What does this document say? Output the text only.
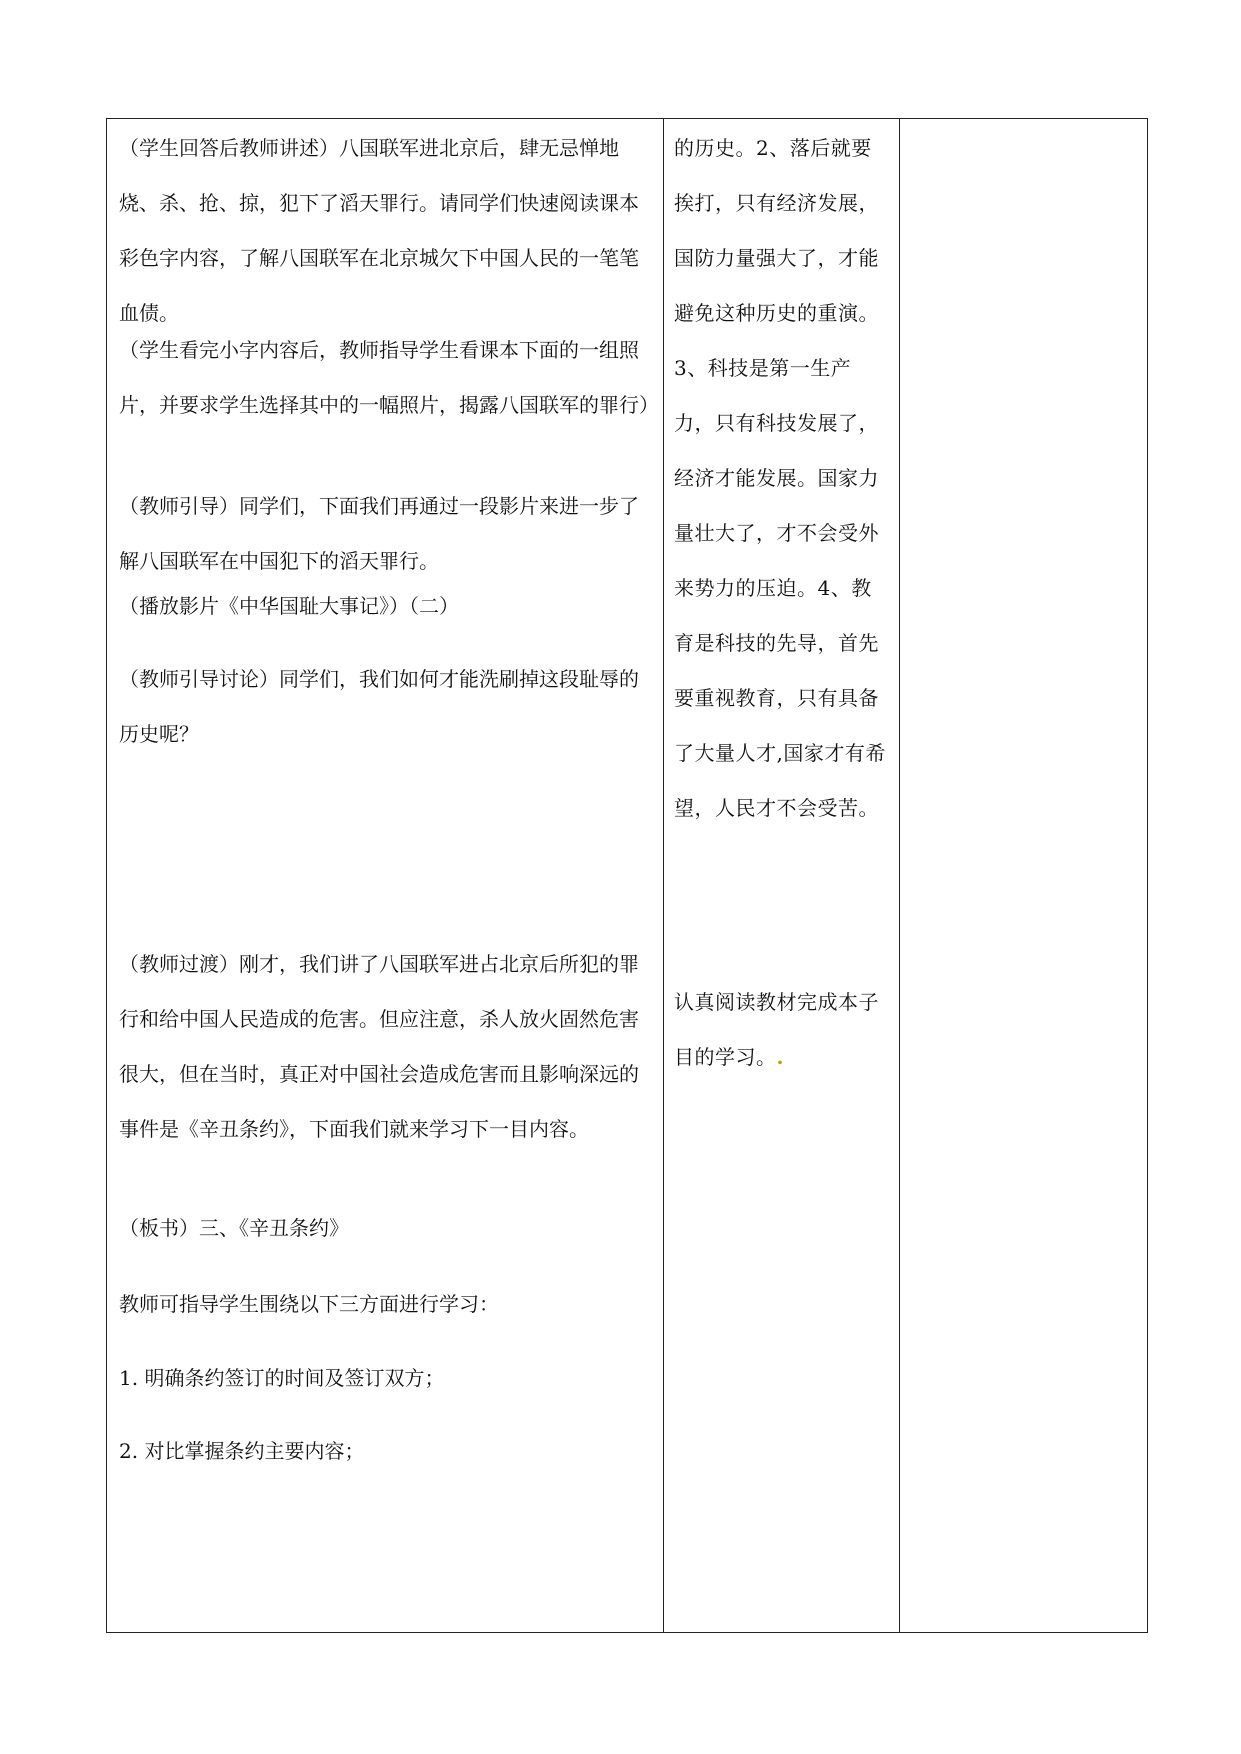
（学生回答后教师讲述）八国联军进北京后，肆无忌惮地烧、杀、抢、掠，犯下了滔天罪行。请同学们快速阅读课本彩色字内容，了解八国联军在北京城欠下中国人民的一笔笔血债。

（学生看完小字内容后，教师指导学生看课本下面的一组照片，并要求学生选择其中的一幅照片，揭露八国联军的罪行）

（教师引导）同学们，下面我们再通过一段影片来进一步了解八国联军在中国犯下的滔天罪行。

（播放影片《中华国耻大事记》）（二）

（教师引导讨论）同学们，我们如何才能洗刷掉这段耻辱的历史呢？

（教师过渡）刚才，我们讲了八国联军进占北京后所犯的罪行和给中国人民造成的危害。但应注意，杀人放火固然危害很大，但在当时，真正对中国社会造成危害而且影响深远的事件是《辛丑条约》，下面我们就来学习下一目内容。

（板书）三、《辛丑条约》

教师可指导学生围绕以下三方面进行学习：

1. 明确条约签订的时间及签订双方；

2. 对比掌握条约主要内容；

的历史。2、落后就要挨打，只有经济发展，国防力量强大了，才能避免这种历史的重演。3、科技是第一生产力，只有科技发展了，经济才能发展。国家力量壮大了，才不会受外来势力的压迫。4、教育是科技的先导，首先要重视教育，只有具备了大量人才,国家才有希望，人民才不会受苦。

认真阅读教材完成本子目的学习。.
